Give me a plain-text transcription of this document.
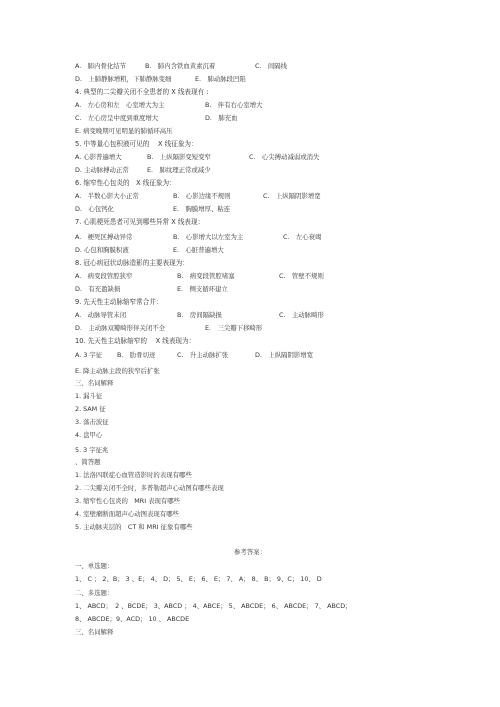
A.　肺内骨化结节	B.　肺内含铁血黄素沉着	C.　间隔线
D.　上肺静脉增粗，下肺静脉变细	E.　肺动脉段凹陷
4. 典型的二尖瓣关闭不全患者的 X 线表现有 :
A.　左心房和左　心室增大为主	B.　伴有右心室增大
C.　左心房呈中度到重度增大	D.　肺充血
E. 病变晚期可见明显的肺循环高压
5. 中等量心包积液可见的　 X 线征象为：
A. 心影普遍增大	B.　上纵隔影变短变窄	C.　心尖搏动减弱或消失
D. 主动脉搏动正常	E.　肺纹理正常或减少
6. 缩窄性心包炎的　X 线征象为：
A.　半数心影大小正常	B.　心影边缘不规则	C.　上纵隔阴影增宽
D.　心包钙化	E.　胸膜增厚、粘连
7. 心肌梗死患者可见到哪些异常 X 线表现：
A.　梗死区搏动异常	B.　心影增大以左室为主	C.　左心衰竭
D. 心包和胸膜积液	E.　心脏普遍增大
8. 冠心病冠状动脉造影的主要表现为：
A.　病变段管腔狭窄	B.　病变段管腔堵塞	C.　管壁不规则
D.　有充盈缺损	E.　侧支循环建立
9. 先天性主动脉缩窄常合并：
A.　动脉导管未闭	B.　房间隔缺损	C.　主动脉畸形
D.　主动脉双瓣畸形伴关闭不全	E.　三尖瓣下移畸形
10. 先天性主动脉缩窄的　 X 线表现为：
A. 3 字征	B.　肋骨切迹	C.　升主动脉扩张	D.　上纵隔阴影增宽
E. 降主动脉主段的狭窄后扩张
三、名词解释
1. 漏斗征
2. SAM 征
3. 落击波征
4. 盘甲心
5. 3 字征兆
、简答题
1. 法洛四联症心血管造影时的表现有哪些
2. 二尖瓣关闭不全时，多普勒超声心动图有哪些表现
3. 缩窄性心包炎的　MRI 表现有哪些
4. 室壁瘤断面超声心动图表现有哪些
5. 主动脉夹层的　CT 和 MRI 征象有哪些
参考答案：
一、单选题：
1、 C ； 2、B； 3 、E； 4、 D； 5、 E； 6、 E； 7、 A； 8、 B； 9、C； 10、 D
二、多选题：
1、 ABCD；　2 、BCDE； 3、ABCD ； 4、ABCE； 5、 ABCDE； 6、 ABCDE； 7、 ABCD；
8、 ABCDE；9、ACD； 10 、 ABCDE
三、名词解释
